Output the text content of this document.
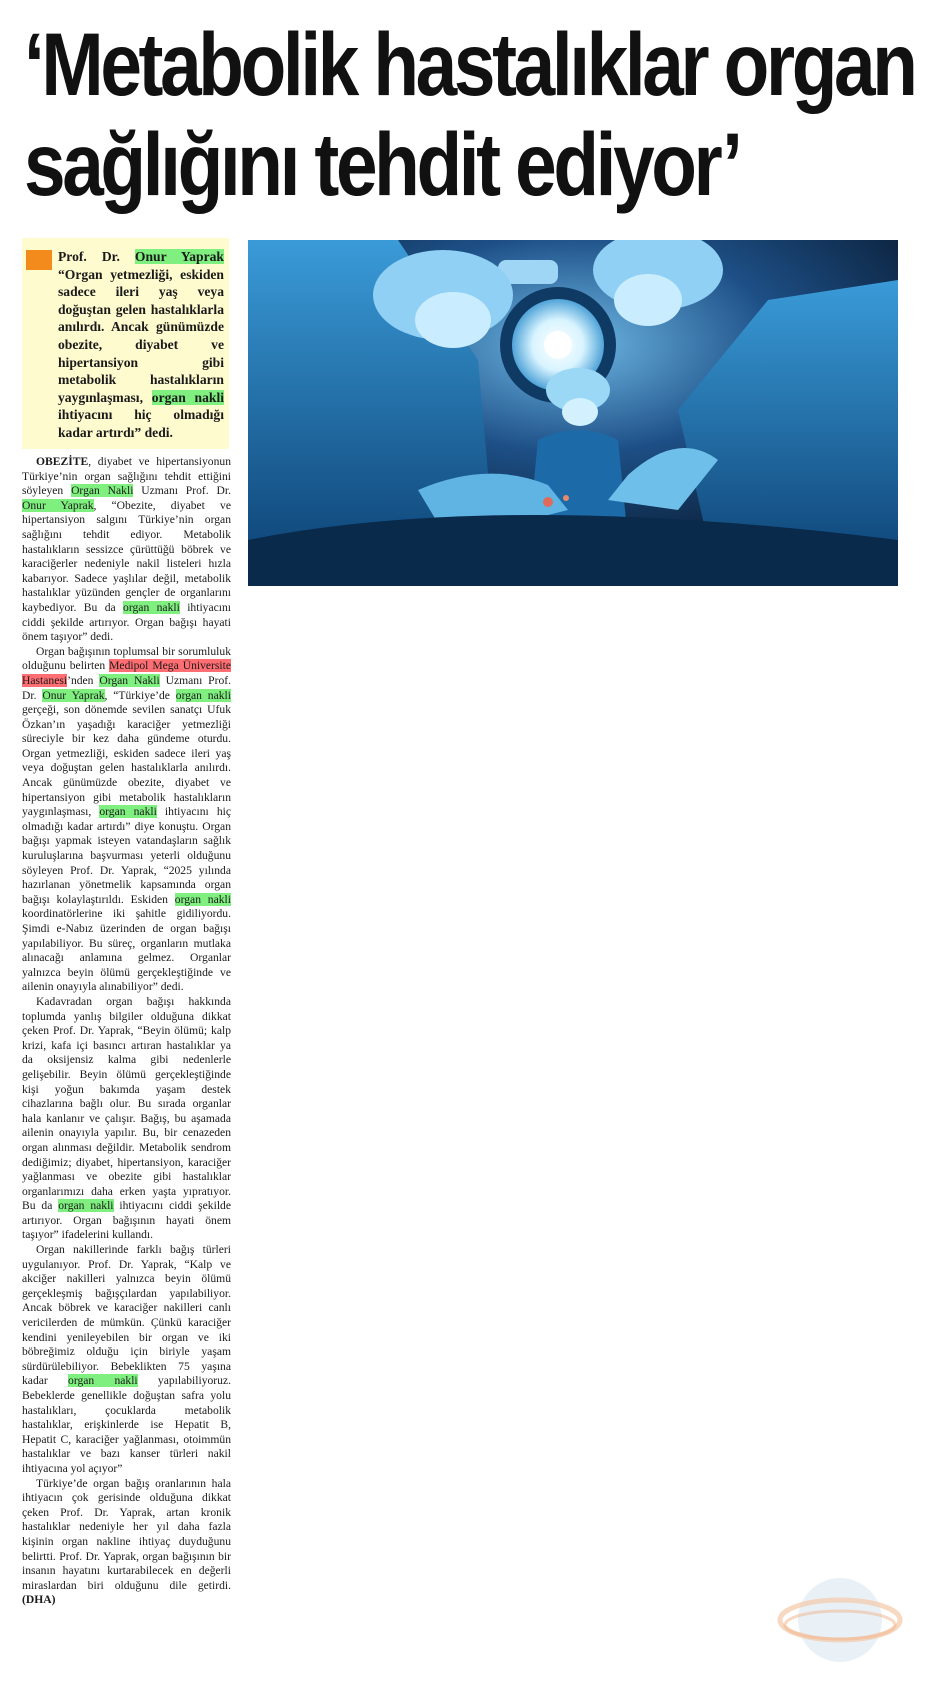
‘Metabolik hastalıklar organ
sağlığını tehdit ediyor’
Prof. Dr. Onur Yaprak “Organ yetmezliği, eskiden sadece ileri yaş veya doğuştan gelen hastalıklarla anılırdı. Ancak günümüzde obezite, diyabet ve hipertansiyon gibi metabolik hastalıkların yaygınlaşması, organ nakli ihtiyacını hiç olmadığı kadar artırdı” dedi.

OBEZİTE, diyabet ve hipertansiyonun Türkiye’nin organ sağlığını tehdit ettiğini söyleyen Organ Nakli Uzmanı Prof. Dr. Onur Yaprak, “Obezite, diyabet ve hipertansiyon salgını Türkiye’nin organ sağlığını tehdit ediyor. Metabolik hastalıkların sessizce çürüttüğü böbrek ve karaciğerler nedeniyle nakil listeleri hızla kabarıyor. Sadece yaşlılar değil, metabolik hastalıklar yüzünden gençler de organlarını kaybediyor. Bu da organ nakli ihtiyacını ciddi şekilde artırıyor. Organ bağışı hayati önem taşıyor” dedi.

Organ bağışının toplumsal bir sorumluluk olduğunu belirten Medipol Mega Üniversite Hastanesi’nden Organ Nakli Uzmanı Prof. Dr. Onur Yaprak, “Türkiye’de organ nakli gerçeği, son dönemde sevilen sanatçı Ufuk Özkan’ın yaşadığı karaciğer yetmezliği süreciyle bir kez daha gündeme oturdu. Organ yetmezliği, eskiden sadece ileri yaş veya doğuştan gelen hastalıklarla anılırdı. Ancak günümüzde obezite, diyabet ve hipertansiyon gibi metabolik hastalıkların yaygınlaşması, organ nakli ihtiyacını hiç olmadığı kadar artırdı” diye konuştu. Organ bağışı yapmak isteyen vatandaşların sağlık kuruluşlarına başvurması yeterli olduğunu söyleyen Prof. Dr. Yaprak, “2025 yılında hazırlanan yönetmelik kapsamında organ bağışı kolaylaştırıldı. Eskiden organ nakli koordinatörlerine iki şahitle gidiliyordu. Şimdi e-Nabız üzerinden de organ bağışı yapılabiliyor. Bu süreç, organların mutlaka alınacağı anlamına gelmez. Organlar yalnızca beyin ölümü gerçekleştiğinde ve ailenin onayıyla alınabiliyor” dedi.

Kadavradan organ bağışı hakkında toplumda yanlış bilgiler olduğuna dikkat çeken Prof. Dr. Yaprak, “Beyin ölümü; kalp krizi, kafa içi basıncı artıran hastalıklar ya da oksijensiz kalma gibi nedenlerle gelişebilir. Beyin ölümü gerçekleştiğinde kişi yoğun bakımda yaşam destek cihazlarına bağlı olur. Bu sırada organlar hala kanlanır ve çalışır. Bağış, bu aşamada ailenin onayıyla yapılır. Bu, bir cenazeden organ alınması değildir. Metabolik sendrom dediğimiz; diyabet, hipertansiyon, karaciğer yağlanması ve obezite gibi hastalıklar organlarımızı daha erken yaşta yıpratıyor. Bu da organ nakli ihtiyacını ciddi şekilde artırıyor. Organ bağışının hayati önem taşıyor” ifadelerini kullandı.

Organ nakillerinde farklı bağış türleri uygulanıyor. Prof. Dr. Yaprak, “Kalp ve akciğer nakilleri yalnızca beyin ölümü gerçekleşmiş bağışçılardan yapılabiliyor. Ancak böbrek ve karaciğer nakilleri canlı vericilerden de mümkün. Çünkü karaciğer kendini yenileyebilen bir organ ve iki böbreğimiz olduğu için biriyle yaşam sürdürülebiliyor. Bebeklikten 75 yaşına kadar organ nakli yapılabiliyoruz. Bebeklerde genellikle doğuştan safra yolu hastalıkları, çocuklarda metabolik hastalıklar, erişkinlerde ise Hepatit B, Hepatit C, karaciğer yağlanması, otoimmün hastalıklar ve bazı kanser türleri nakil ihtiyacına yol açıyor”

Türkiye’de organ bağış oranlarının hala ihtiyacın çok gerisinde olduğuna dikkat çeken Prof. Dr. Yaprak, artan kronik hastalıklar nedeniyle her yıl daha fazla kişinin organ nakline ihtiyaç duyduğunu belirtti. Prof. Dr. Yaprak, organ bağışının bir insanın hayatını kurtarabilecek en değerli miraslardan biri olduğunu dile getirdi.(DHA)
